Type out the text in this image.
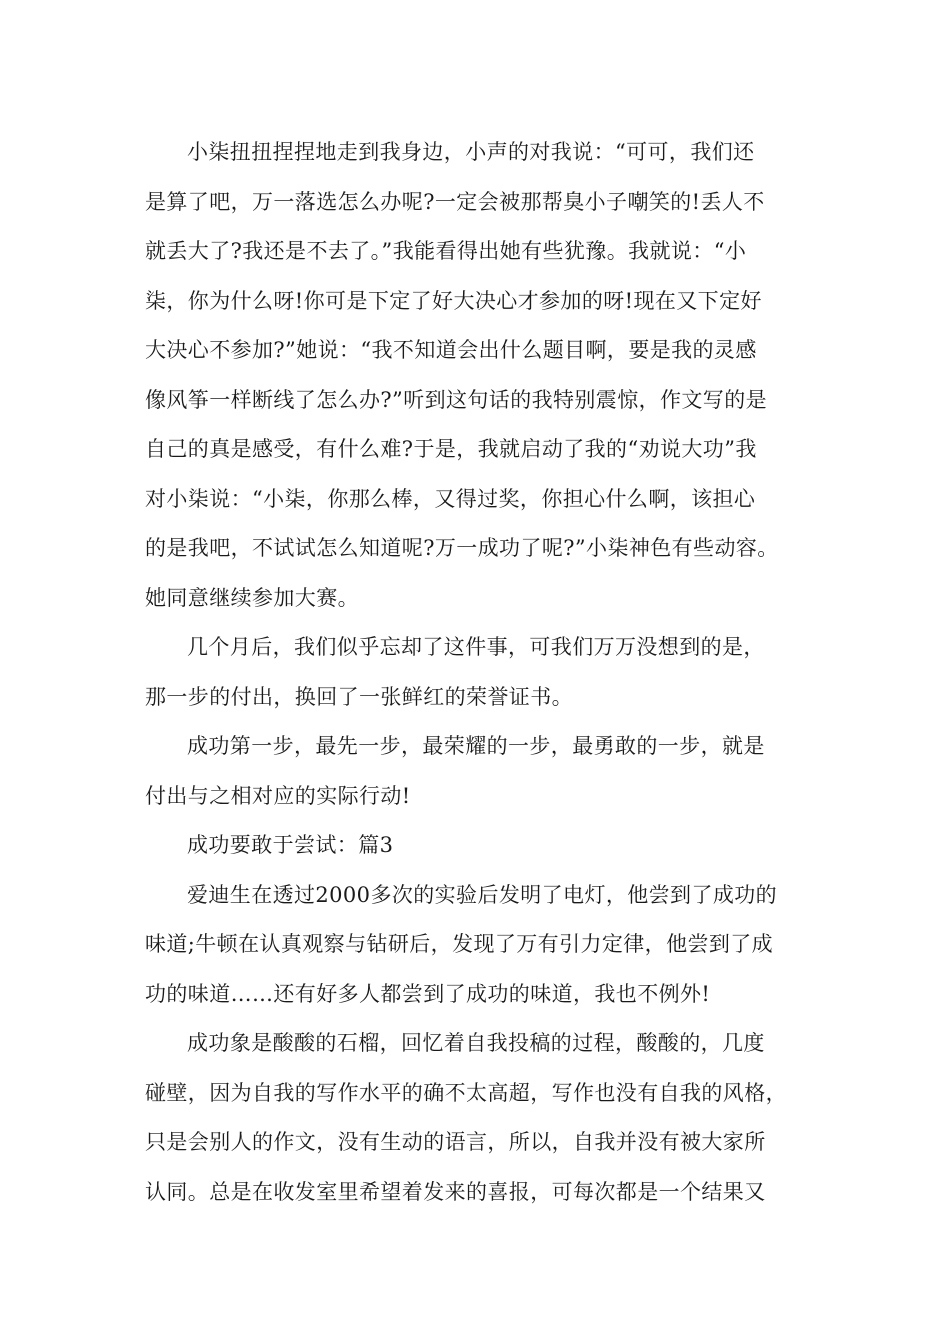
小柒扭扭捏捏地走到我身边，小声的对我说：“可可，我们还
是算了吧，万一落选怎么办呢?一定会被那帮臭小子嘲笑的!丢人不
就丢大了?我还是不去了。”我能看得出她有些犹豫。我就说：“小
柒，你为什么呀!你可是下定了好大决心才参加的呀!现在又下定好
大决心不参加?”她说：“我不知道会出什么题目啊，要是我的灵感
像风筝一样断线了怎么办?”听到这句话的我特别震惊，作文写的是
自己的真是感受，有什么难?于是，我就启动了我的“劝说大功”我
对小柒说：“小柒，你那么棒，又得过奖，你担心什么啊，该担心
的是我吧，不试试怎么知道呢?万一成功了呢?”小柒神色有些动容。
她同意继续参加大赛。
几个月后，我们似乎忘却了这件事，可我们万万没想到的是，
那一步的付出，换回了一张鲜红的荣誉证书。
成功第一步，最先一步，最荣耀的一步，最勇敢的一步，就是
付出与之相对应的实际行动!
成功要敢于尝试：篇3
爱迪生在透过2000多次的实验后发明了电灯，他尝到了成功的
味道;牛顿在认真观察与钻研后，发现了万有引力定律，他尝到了成
功的味道……还有好多人都尝到了成功的味道，我也不例外!
成功象是酸酸的石榴，回忆着自我投稿的过程，酸酸的，几度
碰壁，因为自我的写作水平的确不太高超，写作也没有自我的风格，
只是会别人的作文，没有生动的语言，所以，自我并没有被大家所
认同。总是在收发室里希望着发来的喜报，可每次都是一个结果又
